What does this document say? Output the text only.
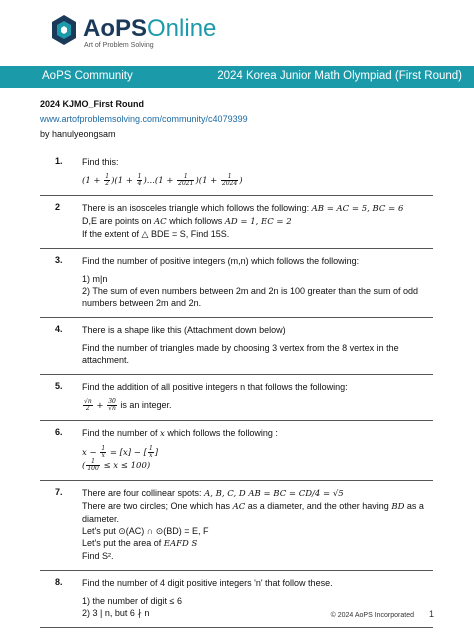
AoPSOnline
Art of Problem Solving
AoPS Community	2024 Korea Junior Math Olympiad (First Round)
2024 KJMO_First Round
www.artofproblemsolving.com/community/c4079399
by hanulyeongsam
1. Find this:

$(1 + \frac{1}{2} )(1 + \frac{1}{4} )...(1 + \frac{1}{2021} )(1 + \frac{1}{2024}$ )

2 There is an isosceles triangle which follows the following: AB = AC = 5, BC = 6

D,E are points on AC which follows AD = 1, EC = 2

If the extent of △ BDE = S, Find 15S.

3. Find the number of positive integers (m,n) which follows the following:

1) m|n

2) The sum of even numbers between 2m and 2n is 100 greater than the sum of odd numbers between 2m and 2n.

4. There is a shape like this (Attachment down below)

Find the number of triangles made by choosing 3 vertex from the 8 vertex in the attachment.

5. Find the addition of all positive integers n that follows the following:

$\frac{√n}{2} + \frac{30}{√n}$ is an integer.

6. Find the number of x which follows the following :

$x - \frac{1}{x} = [x]$ − [ $\frac{1}{x}$ ]

( $\frac{1}{100} \le x \le 100$)

7. There are four collinear spots: A, B, C, D AB = BC = CD/4 = √5

There are two circles; One which has AC as a diameter, and the other having BD as a diameter.

Let's put ⊙(AC) ∩ ⊙(BD) = E, F

Let's put the area of EAFD S

Find S².

8. Find the number of 4 digit positive integers 'n' that follow these.

1) the number of digit ≤ 6

2) 3 | n, but 6 ∤ n	© 2024 AoPS Incorporated 1
